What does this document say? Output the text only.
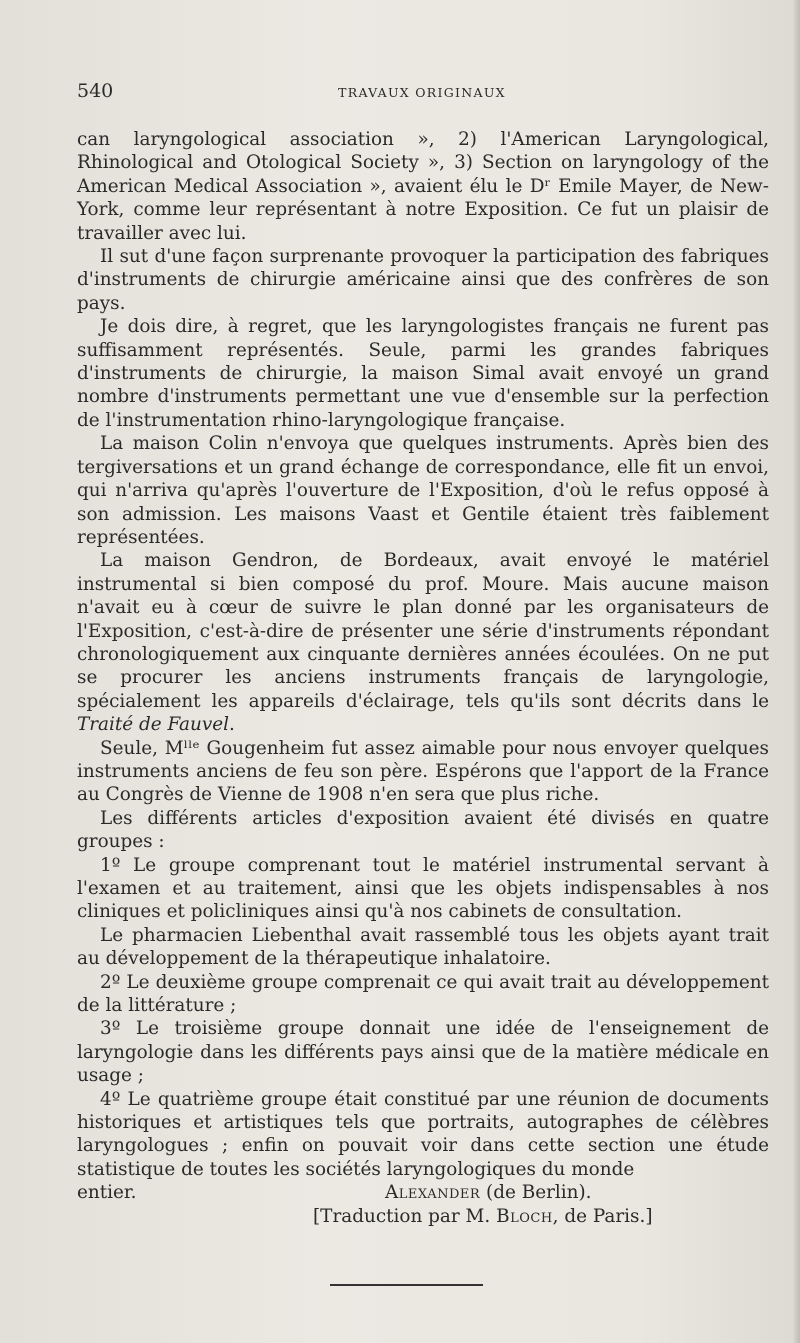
540	TRAVAUX ORIGINAUX

can laryngological association », 2) l'American Laryngological, Rhinological and Otological Society », 3) Section on laryngology of the American Medical Association », avaient élu le Dʳ Emile Mayer, de New-York, comme leur représentant à notre Exposition. Ce fut un plaisir de travailler avec lui.

Il sut d'une façon surprenante provoquer la participation des fabriques d'instruments de chirurgie américaine ainsi que des confrères de son pays.

Je dois dire, à regret, que les laryngologistes français ne furent pas suffisamment représentés. Seule, parmi les grandes fabriques d'instruments de chirurgie, la maison Simal avait envoyé un grand nombre d'instruments permettant une vue d'ensemble sur la perfection de l'instrumentation rhino-laryngologique française.

La maison Colin n'envoya que quelques instruments. Après bien des tergiversations et un grand échange de correspondance, elle fit un envoi, qui n'arriva qu'après l'ouverture de l'Exposition, d'où le refus opposé à son admission. Les maisons Vaast et Gentile étaient très faiblement représentées.

La maison Gendron, de Bordeaux, avait envoyé le matériel instrumental si bien composé du prof. Moure. Mais aucune maison n'avait eu à cœur de suivre le plan donné par les organisateurs de l'Exposition, c'est-à-dire de présenter une série d'instruments répondant chronologiquement aux cinquante dernières années écoulées. On ne put se procurer les anciens instruments français de laryngologie, spécialement les appareils d'éclairage, tels qu'ils sont décrits dans le Traité de Fauvel.

Seule, Mˡˡᵉ Gougenheim fut assez aimable pour nous envoyer quelques instruments anciens de feu son père. Espérons que l'apport de la France au Congrès de Vienne de 1908 n'en sera que plus riche.

Les différents articles d'exposition avaient été divisés en quatre groupes :

1º Le groupe comprenant tout le matériel instrumental servant à l'examen et au traitement, ainsi que les objets indispensables à nos cliniques et policliniques ainsi qu'à nos cabinets de consultation.

Le pharmacien Liebenthal avait rassemblé tous les objets ayant trait au développement de la thérapeutique inhalatoire.

2º Le deuxième groupe comprenait ce qui avait trait au développement de la littérature ;

3º Le troisième groupe donnait une idée de l'enseignement de laryngologie dans les différents pays ainsi que de la matière médicale en usage ;

4º Le quatrième groupe était constitué par une réunion de documents historiques et artistiques tels que portraits, autographes de célèbres laryngologues ; enfin on pouvait voir dans cette section une étude statistique de toutes les sociétés laryngologiques du monde

entier.	Alexander (de Berlin).
[Traduction par M. Bloch, de Paris.]
